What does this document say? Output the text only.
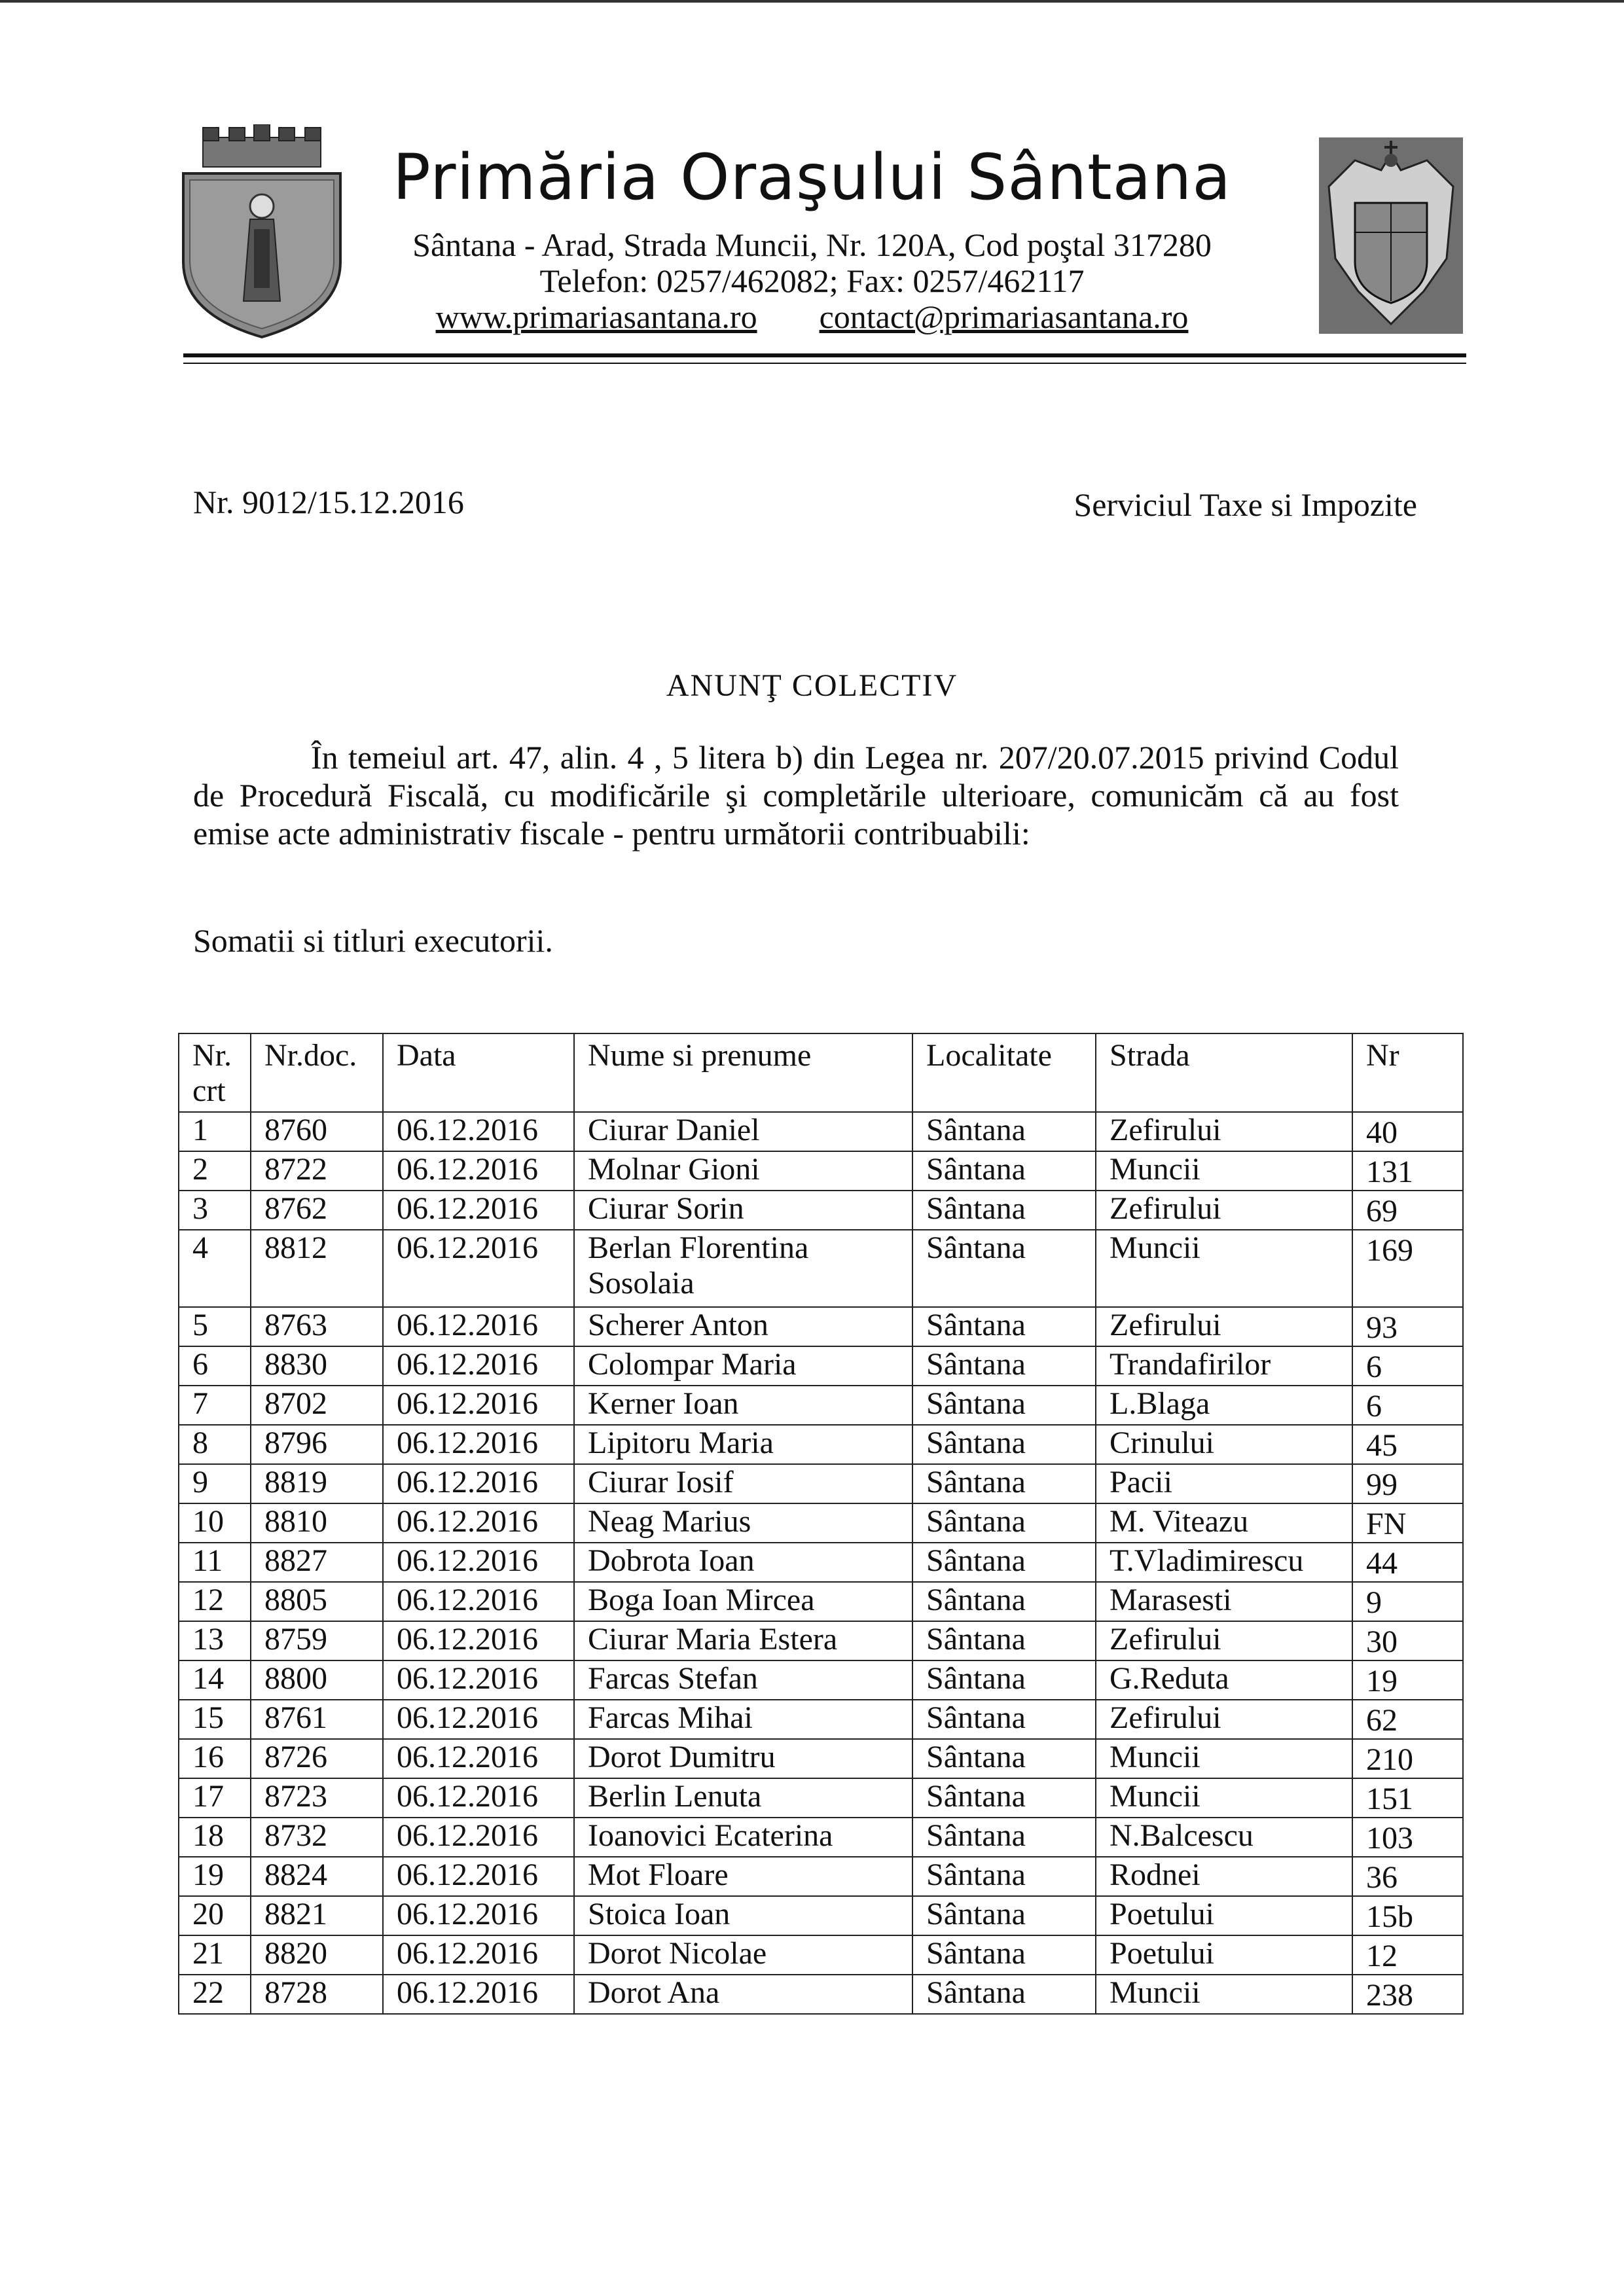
Primăria Oraşului Sântana
Sântana - Arad, Strada Muncii, Nr. 120A, Cod poştal 317280
Telefon: 0257/462082; Fax: 0257/462117
www.primariasantana.ro contact@primariasantana.ro
Nr. 9012/15.12.2016	Serviciul Taxe si Impozite
ANUNŢ COLECTIV
În temeiul art. 47, alin. 4 , 5 litera b) din Legea nr. 207/20.07.2015 privind Codul de Procedură Fiscală, cu modificările şi completările ulterioare, comunicăm că au fost emise acte administrativ fiscale - pentru următorii contribuabili:
Somatii si titluri executorii.
Nr. crt	Nr.doc.	Data	Nume si prenume	Localitate	Strada	Nr
1	8760	06.12.2016	Ciurar Daniel	Sântana	Zefirului	40
2	8722	06.12.2016	Molnar Gioni	Sântana	Muncii	131
3	8762	06.12.2016	Ciurar Sorin	Sântana	Zefirului	69
4	8812	06.12.2016	Berlan Florentina Sosolaia	Sântana	Muncii	169
5	8763	06.12.2016	Scherer Anton	Sântana	Zefirului	93
6	8830	06.12.2016	Colompar Maria	Sântana	Trandafirilor	6
7	8702	06.12.2016	Kerner Ioan	Sântana	L.Blaga	6
8	8796	06.12.2016	Lipitoru Maria	Sântana	Crinului	45
9	8819	06.12.2016	Ciurar Iosif	Sântana	Pacii	99
10	8810	06.12.2016	Neag Marius	Sântana	M. Viteazu	FN
11	8827	06.12.2016	Dobrota Ioan	Sântana	T.Vladimirescu	44
12	8805	06.12.2016	Boga Ioan Mircea	Sântana	Marasesti	9
13	8759	06.12.2016	Ciurar Maria Estera	Sântana	Zefirului	30
14	8800	06.12.2016	Farcas Stefan	Sântana	G.Reduta	19
15	8761	06.12.2016	Farcas Mihai	Sântana	Zefirului	62
16	8726	06.12.2016	Dorot Dumitru	Sântana	Muncii	210
17	8723	06.12.2016	Berlin Lenuta	Sântana	Muncii	151
18	8732	06.12.2016	Ioanovici Ecaterina	Sântana	N.Balcescu	103
19	8824	06.12.2016	Mot Floare	Sântana	Rodnei	36
20	8821	06.12.2016	Stoica Ioan	Sântana	Poetului	15b
21	8820	06.12.2016	Dorot Nicolae	Sântana	Poetului	12
22	8728	06.12.2016	Dorot Ana	Sântana	Muncii	238
